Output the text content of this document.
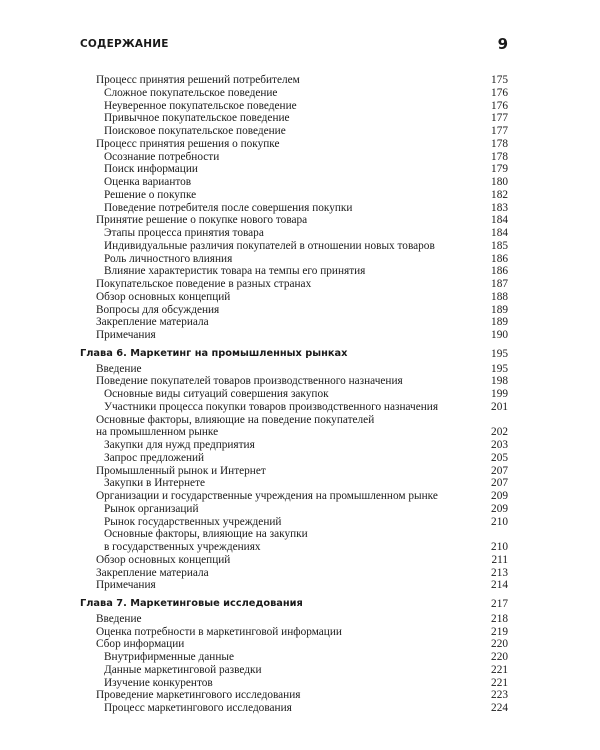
СОДЕРЖАНИЕ	9
Процесс принятия решений потребителем	175
Сложное покупательское поведение	176
Неуверенное покупательское поведение	176
Привычное покупательское поведение	177
Поисковое покупательское поведение	177
Процесс принятия решения о покупке	178
Осознание потребности	178
Поиск информации	179
Оценка вариантов	180
Решение о покупке	182
Поведение потребителя после совершения покупки	183
Принятие решение о покупке нового товара	184
Этапы процесса принятия товара	184
Индивидуальные различия покупателей в отношении новых товаров	185
Роль личностного влияния	186
Влияние характеристик товара на темпы его принятия	186
Покупательское поведение в разных странах	187
Обзор основных концепций	188
Вопросы для обсуждения	189
Закрепление материала	189
Примечания	190
Глава 6. Маркетинг на промышленных рынках	195
Введение	195
Поведение покупателей товаров производственного назначения	198
Основные виды ситуаций совершения закупок	199
Участники процесса покупки товаров производственного назначения	201
Основные факторы, влияющие на поведение покупателей
на промышленном рынке	202
Закупки для нужд предприятия	203
Запрос предложений	205
Промышленный рынок и Интернет	207
Закупки в Интернете	207
Организации и государственные учреждения на промышленном рынке	209
Рынок организаций	209
Рынок государственных учреждений	210
Основные факторы, влияющие на закупки
в государственных учреждениях	210
Обзор основных концепций	211
Закрепление материала	213
Примечания	214
Глава 7. Маркетинговые исследования	217
Введение	218
Оценка потребности в маркетинговой информации	219
Сбор информации	220
Внутрифирменные данные	220
Данные маркетинговой разведки	221
Изучение конкурентов	221
Проведение маркетингового исследования	223
Процесс маркетингового исследования	224
